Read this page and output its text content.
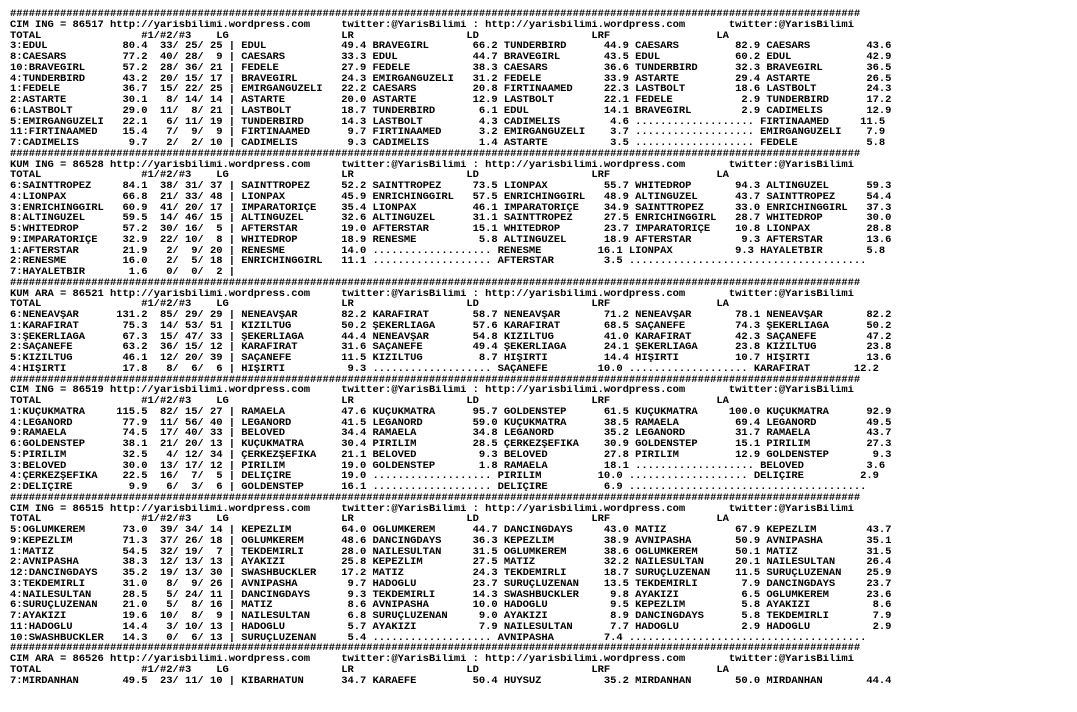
########################################################################################################################################
CIM ING = 86517 http://yarisbilimi.wordpress.com     twitter:@YarisBilimi : http://yarisbilimi.wordpress.com       twitter:@YarisBilimi
TOTAL                #1/#2/#3    LG                  LR                  LD                  LRF                 LA
3:EDUL            80.4  33/ 25/ 25 | EDUL            49.4 BRAVEGIRL       66.2 TUNDERBIRD      44.9 CAESARS         82.9 CAESARS         43.6
8:CAESARS         77.2  40/ 28/  9 | CAESARS         33.3 EDUL            44.7 BRAVEGIRL       43.5 EDUL            60.2 EDUL            42.9
10:BRAVEGIRL      57.2  28/ 36/ 21 | FEDELE          27.9 FEDELE          38.3 CAESARS         36.6 TUNDERBIRD      32.3 BRAVEGIRL       36.5
4:TUNDERBIRD      43.2  20/ 15/ 17 | BRAVEGIRL       24.3 EMİRGANGÜZELİ   31.2 FEDELE          33.9 ASTARTE         29.4 ASTARTE         26.5
1:FEDELE          36.7  15/ 22/ 25 | EMİRGANGÜZELİ   22.2 CAESARS         20.8 FIRTINAAMED     22.3 LASTBOLT        18.6 LASTBOLT        24.3
2:ASTARTE         30.1   8/ 14/ 14 | ASTARTE         20.0 ASTARTE         12.9 LASTBOLT        22.1 FEDELE           2.9 TUNDERBIRD      17.2
6:LASTBOLT        29.0  11/  8/ 21 | LASTBOLT        18.7 TUNDERBIRD       6.1 EDUL            14.1 BRAVEGIRL        2.9 CADIMELİS       12.9
5:EMİRGANGÜZELİ   22.1   6/ 11/ 19 | TUNDERBIRD      14.3 LASTBOLT         4.3 CADIMELİS        4.6 ................... FIRTINAAMED     11.5
11:FIRTINAAMED    15.4   7/  9/  9 | FIRTINAAMED      9.7 FIRTINAAMED      3.2 EMİRGANGÜZELİ    3.7 ................... EMİRGANGÜZELİ    7.9
7:CADIMELİS        9.7   2/  2/ 10 | CADIMELİS        9.3 CADIMELİS        1.4 ASTARTE          3.5 ................... FEDELE           5.8
########################################################################################################################################
KUM ING = 86528 http://yarisbilimi.wordpress.com     twitter:@YarisBilimi : http://yarisbilimi.wordpress.com       twitter:@YarisBilimi
TOTAL                #1/#2/#3    LG                  LR                  LD                  LRF                 LA
6:SAINTTROPEZ     84.1  38/ 31/ 37 | SAINTTROPEZ     52.2 SAINTTROPEZ     73.5 LIONPAX         55.7 WHITEDROP       94.3 ALTINGÜZEL      59.3
4:LIONPAX         66.8  21/ 33/ 48 | LIONPAX         45.9 ENRICHINGGIRL   57.5 ENRICHINGGIRL   48.9 ALTINGÜZEL      43.7 SAINTTROPEZ     54.4
3:ENRICHINGGIRL   60.9  41/ 20/ 17 | İMPARATORİÇE    35.4 LIONPAX         46.1 İMPARATORİÇE    34.9 SAINTTROPEZ     33.0 ENRICHINGGIRL   37.3
8:ALTINGÜZEL      59.5  14/ 46/ 15 | ALTINGÜZEL      32.6 ALTINGÜZEL      31.1 SAINTTROPEZ     27.5 ENRICHINGGIRL   28.7 WHITEDROP       30.0
5:WHITEDROP       57.2  30/ 16/  5 | AFTERSTAR       19.0 AFTERSTAR       15.1 WHITEDROP       23.7 İMPARATORİÇE    10.8 LIONPAX         28.8
9:İMPARATORİÇE    32.9  22/ 10/  8 | WHITEDROP       18.9 RENESME          5.8 ALTINGÜZEL      18.9 AFTERSTAR        9.3 AFTERSTAR       13.6
1:AFTERSTAR       21.9   2/  9/ 20 | RENESME         14.0 ................... RENESME         16.1 LIONPAX          9.3 HAYALETBİR       5.8
2:RENESME         16.0   2/  5/ 18 | ENRICHINGGIRL   11.1 ................... AFTERSTAR        3.5 ......................................
7:HAYALETBİR       1.6   0/  0/  2 |
########################################################################################################################################
KUM ARA = 86521 http://yarisbilimi.wordpress.com     twitter:@YarisBilimi : http://yarisbilimi.wordpress.com       twitter:@YarisBilimi
TOTAL                #1/#2/#3    LG                  LR                  LD                  LRF                 LA
6:NENEAVŞAR      131.2  85/ 29/ 29 | NENEAVŞAR       82.2 KARAFIRAT       58.7 NENEAVŞAR       71.2 NENEAVŞAR       78.1 NENEAVŞAR       82.2
1:KARAFIRAT       75.3  14/ 53/ 51 | KIZILTUĞ        50.2 ŞEKERLİAĞA      57.6 KARAFIRAT       68.5 SAÇANEFE        74.3 ŞEKERLİAĞA      50.2
3:ŞEKERLİAĞA      67.3  15/ 47/ 33 | ŞEKERLİAĞA      44.4 NENEAVŞAR       54.8 KIZILTUĞ        41.0 KARAFIRAT       42.3 SAÇANEFE        47.2
2:SAÇANEFE        63.2  36/ 15/ 12 | KARAFIRAT       31.6 SAÇANEFE        49.4 ŞEKERLİAĞA      24.1 ŞEKERLİAĞA      23.8 KIZILTUĞ        23.8
5:KIZILTUĞ        46.1  12/ 20/ 39 | SAÇANEFE        11.5 KIZILTUĞ         8.7 HIŞIRTI         14.4 HIŞIRTI         10.7 HIŞIRTI         13.6
4:HIŞIRTI         17.8   8/  6/  6 | HIŞIRTI          9.3 ................... SAÇANEFE        10.0 ................... KARAFIRAT       12.2
########################################################################################################################################
CIM ING = 86519 http://yarisbilimi.wordpress.com     twitter:@YarisBilimi : http://yarisbilimi.wordpress.com       twitter:@YarisBilimi
TOTAL                #1/#2/#3    LG                  LR                  LD                  LRF                 LA
1:KÜÇÜKMATRA     115.5  82/ 15/ 27 | RAMAELA         47.6 KÜÇÜKMATRA      95.7 GOLDENSTEP      61.5 KÜÇÜKMATRA     100.0 KÜÇÜKMATRA      92.9
4:LEGANORD        77.9  11/ 56/ 40 | LEGANORD        41.5 LEGANORD        59.0 KÜÇÜKMATRA      38.5 RAMAELA         69.4 LEGANORD        49.5
9:RAMAELA         74.5  17/ 40/ 33 | BELOVED         34.4 RAMAELA         34.8 LEGANORD        35.2 LEGANORD        31.7 RAMAELA         43.7
6:GOLDENSTEP      38.1  21/ 20/ 13 | KÜÇÜKMATRA      30.4 PIRILIM         28.5 ÇERKEZŞEFİKA    30.9 GOLDENSTEP      15.1 PIRILIM         27.3
5:PIRILIM         32.5   4/ 12/ 34 | ÇERKEZŞEFİKA    21.1 BELOVED          9.3 BELOVED         27.8 PIRILIM         12.9 GOLDENSTEP       9.3
3:BELOVED         30.0  13/ 17/ 12 | PIRILIM         19.0 GOLDENSTEP       1.8 RAMAELA         18.1 ................... BELOVED          3.6
4:ÇERKEZŞEFİKA    22.5  16/  7/  5 | DELİÇİRE        19.0 ................... PIRILIM         10.0 ................... DELİÇİRE         2.9
2:DELİÇİRE         9.9   6/  3/  6 | GOLDENSTEP      16.1 ................... DELİÇİRE         6.9 ......................................
########################################################################################################################################
CIM ING = 86515 http://yarisbilimi.wordpress.com     twitter:@YarisBilimi : http://yarisbilimi.wordpress.com       twitter:@YarisBilimi
TOTAL                #1/#2/#3    LG                  LR                  LD                  LRF                 LA
5:OĞLUMKEREM      73.0  39/ 34/ 14 | KEPEZLİM        64.0 OĞLUMKEREM      44.7 DANCINGDAYS     43.0 MATİZ           67.9 KEPEZLİM        43.7
9:KEPEZLİM        71.3  37/ 26/ 18 | OĞLUMKEREM      48.6 DANCINGDAYS     36.3 KEPEZLİM        38.9 AVNİPASHA       50.9 AVNİPASHA       35.1
1:MATİZ           54.5  32/ 19/  7 | TEKDEMİRLİ      28.0 NAİLESULTAN     31.5 OĞLUMKEREM      38.6 OĞLUMKEREM      50.1 MATİZ           31.5
2:AVNİPASHA       38.3  12/ 13/ 13 | AYAKİZİ         25.8 KEPEZLİM        27.5 MATİZ           32.2 NAİLESULTAN     20.1 NAİLESULTAN     26.4
12:DANCINGDAYS    35.2  19/ 13/ 30 | SWASHBUCKLER    17.2 MATİZ           24.3 TEKDEMİRLİ      18.7 SURUÇLUZENAN    11.5 SURUÇLUZENAN    25.9
3:TEKDEMİRLİ      31.0   8/  9/ 26 | AVNİPASHA        9.7 HADOĞLU         23.7 SURUÇLUZENAN    13.5 TEKDEMİRLİ       7.9 DANCINGDAYS     23.7
4:NAİLESULTAN     28.5   5/ 24/ 11 | DANCINGDAYS      9.3 TEKDEMİRLİ      14.3 SWASHBUCKLER     9.8 AYAKİZİ          6.5 OĞLUMKEREM      23.6
6:SURUÇLUZENAN    21.0   5/  8/ 16 | MATİZ            8.6 AVNİPASHA       10.0 HADOĞLU          9.5 KEPEZLİM         5.8 AYAKİZİ          8.6
7:AYAKİZİ         19.6  10/  8/  9 | NAİLESULTAN      6.8 SURUÇLUZENAN     9.0 AYAKİZİ          8.9 DANCINGDAYS      5.8 TEKDEMİRLİ       7.9
11:HADOĞLU        14.4   3/ 10/ 13 | HADOĞLU          5.7 AYAKİZİ          7.9 NAİLESULTAN      7.7 HADOĞLU          2.9 HADOĞLU          2.9
10:SWASHBUCKLER   14.3   0/  6/ 13 | SURUÇLUZENAN     5.4 ................... AVNİPASHA        7.4 ......................................
########################################################################################################################################
CIM ARA = 86526 http://yarisbilimi.wordpress.com     twitter:@YarisBilimi : http://yarisbilimi.wordpress.com       twitter:@YarisBilimi
TOTAL                #1/#2/#3    LG                  LR                  LD                  LRF                 LA
7:MIRDANHAN       49.5  23/ 11/ 10 | KİBARHATUN      34.7 KARAEFE         50.4 HUYSUZ          35.2 MIRDANHAN       50.0 MIRDANHAN       44.4
